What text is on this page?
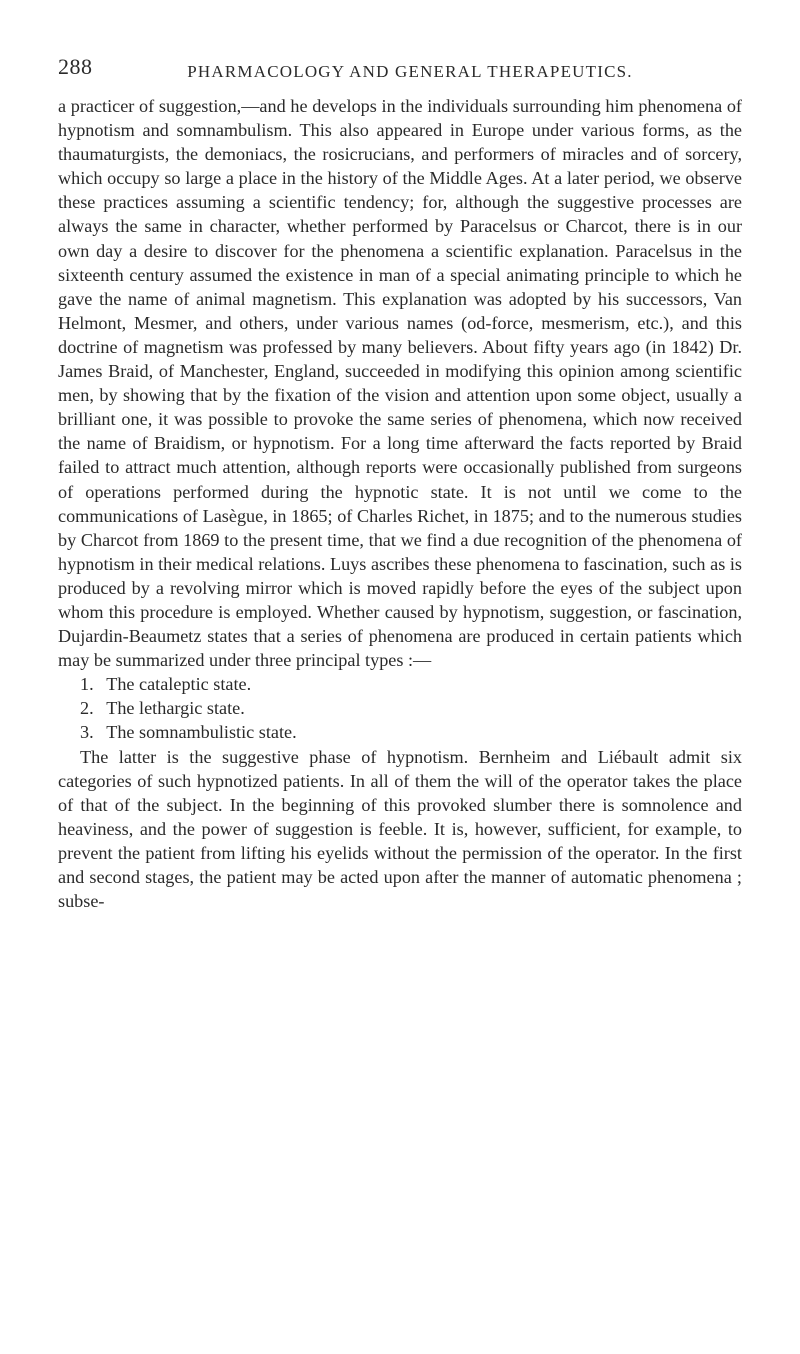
288	PHARMACOLOGY AND GENERAL THERAPEUTICS.

a practicer of suggestion,—and he develops in the individuals surrounding him phenomena of hypnotism and somnambulism. This also appeared in Europe under various forms, as the thaumaturgists, the demoniacs, the rosicrucians, and performers of miracles and of sorcery, which occupy so large a place in the history of the Middle Ages. At a later period, we observe these practices assuming a scientific tendency; for, although the suggestive processes are always the same in character, whether performed by Paracelsus or Charcot, there is in our own day a desire to discover for the phenomena a scientific explanation. Paracelsus in the sixteenth century assumed the existence in man of a special animating principle to which he gave the name of animal magnetism. This explanation was adopted by his successors, Van Helmont, Mesmer, and others, under various names (od-force, mesmerism, etc.), and this doctrine of magnetism was professed by many believers. About fifty years ago (in 1842) Dr. James Braid, of Manchester, England, succeeded in modifying this opinion among scientific men, by showing that by the fixation of the vision and attention upon some object, usually a brilliant one, it was possible to provoke the same series of phenomena, which now received the name of Braidism, or hypnotism. For a long time afterward the facts reported by Braid failed to attract much attention, although reports were occasionally published from surgeons of operations performed during the hypnotic state. It is not until we come to the communications of Lasègue, in 1865; of Charles Richet, in 1875; and to the numerous studies by Charcot from 1869 to the present time, that we find a due recognition of the phenomena of hypnotism in their medical relations. Luys ascribes these phenomena to fascination, such as is produced by a revolving mirror which is moved rapidly before the eyes of the subject upon whom this procedure is employed. Whether caused by hypnotism, suggestion, or fascination, Dujardin-Beaumetz states that a series of phenomena are produced in certain patients which may be summarized under three principal types :—

1. The cataleptic state.
2. The lethargic state.
3. The somnambulistic state.

The latter is the suggestive phase of hypnotism. Bernheim and Liébault admit six categories of such hypnotized patients. In all of them the will of the operator takes the place of that of the subject. In the beginning of this provoked slumber there is somnolence and heaviness, and the power of suggestion is feeble. It is, however, sufficient, for example, to prevent the patient from lifting his eyelids without the permission of the operator. In the first and second stages, the patient may be acted upon after the manner of automatic phenomena ; subse-
